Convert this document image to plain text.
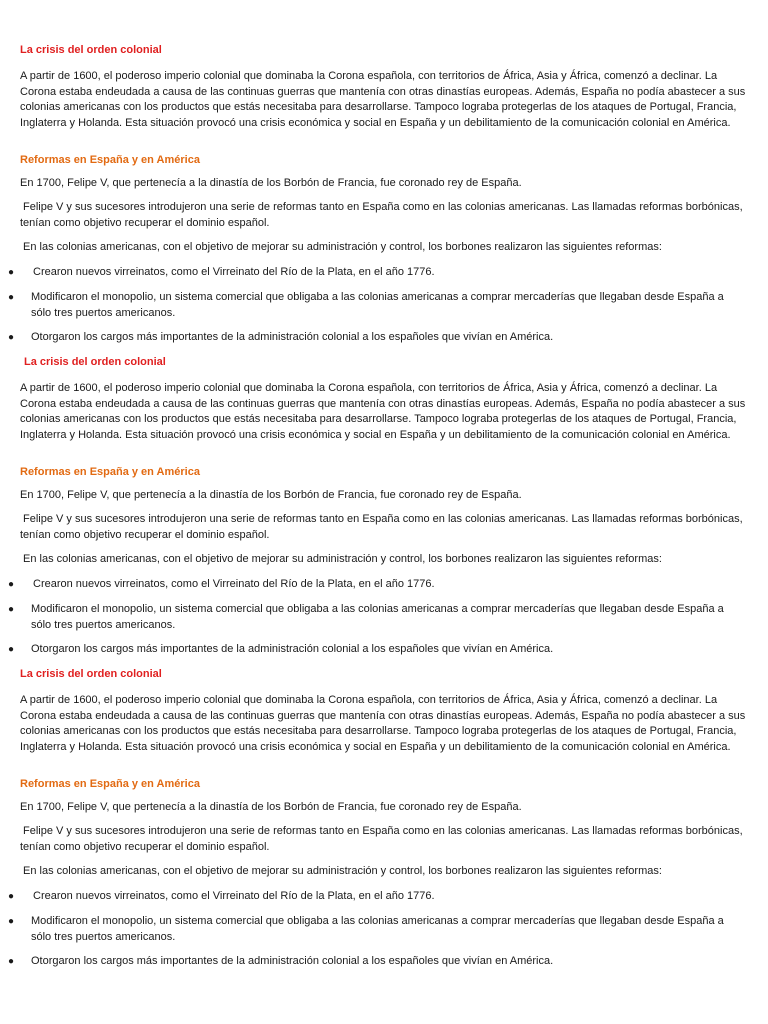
La crisis del orden colonial

A partir de 1600, el poderoso imperio colonial que dominaba la Corona española, con territorios de África, Asia y África, comenzó a declinar. La Corona estaba endeudada a causa de las continuas guerras que mantenía con otras dinastías europeas. Además, España no podía abastecer a sus colonias americanas con los productos que estás necesitaba para desarrollarse. Tampoco lograba protegerlas de los ataques de Portugal, Francia, Inglaterra y Holanda. Esta situación provocó una crisis económica y social en España y un debilitamiento de la comunicación colonial en América.

Reformas en España y en América

En 1700, Felipe V, que pertenecía a la dinastía de los Borbón de Francia, fue coronado rey de España.

Felipe V y sus sucesores introdujeron una serie de reformas tanto en España como en las colonias americanas. Las llamadas reformas borbónicas, tenían como objetivo recuperar el dominio español.

En las colonias americanas, con el objetivo de mejorar su administración y control, los borbones realizaron las siguientes reformas:

● Crearon nuevos virreinatos, como el Virreinato del Río de la Plata, en el año 1776.
● Modificaron el monopolio, un sistema comercial que obligaba a las colonias americanas a comprar mercaderías que llegaban desde España a sólo tres puertos americanos.
● Otorgaron los cargos más importantes de la administración colonial a los españoles que vivían en América.

La crisis del orden colonial

A partir de 1600, el poderoso imperio colonial que dominaba la Corona española, con territorios de África, Asia y África, comenzó a declinar. La Corona estaba endeudada a causa de las continuas guerras que mantenía con otras dinastías europeas. Además, España no podía abastecer a sus colonias americanas con los productos que estás necesitaba para desarrollarse. Tampoco lograba protegerlas de los ataques de Portugal, Francia, Inglaterra y Holanda. Esta situación provocó una crisis económica y social en España y un debilitamiento de la comunicación colonial en América.

Reformas en España y en América

En 1700, Felipe V, que pertenecía a la dinastía de los Borbón de Francia, fue coronado rey de España.

Felipe V y sus sucesores introdujeron una serie de reformas tanto en España como en las colonias americanas. Las llamadas reformas borbónicas, tenían como objetivo recuperar el dominio español.

En las colonias americanas, con el objetivo de mejorar su administración y control, los borbones realizaron las siguientes reformas:

● Crearon nuevos virreinatos, como el Virreinato del Río de la Plata, en el año 1776.
● Modificaron el monopolio, un sistema comercial que obligaba a las colonias americanas a comprar mercaderías que llegaban desde España a sólo tres puertos americanos.
● Otorgaron los cargos más importantes de la administración colonial a los españoles que vivían en América.

La crisis del orden colonial

A partir de 1600, el poderoso imperio colonial que dominaba la Corona española, con territorios de África, Asia y África, comenzó a declinar. La Corona estaba endeudada a causa de las continuas guerras que mantenía con otras dinastías europeas. Además, España no podía abastecer a sus colonias americanas con los productos que estás necesitaba para desarrollarse. Tampoco lograba protegerlas de los ataques de Portugal, Francia, Inglaterra y Holanda. Esta situación provocó una crisis económica y social en España y un debilitamiento de la comunicación colonial en América.

Reformas en España y en América

En 1700, Felipe V, que pertenecía a la dinastía de los Borbón de Francia, fue coronado rey de España.

Felipe V y sus sucesores introdujeron una serie de reformas tanto en España como en las colonias americanas. Las llamadas reformas borbónicas, tenían como objetivo recuperar el dominio español.

En las colonias americanas, con el objetivo de mejorar su administración y control, los borbones realizaron las siguientes reformas:

● Crearon nuevos virreinatos, como el Virreinato del Río de la Plata, en el año 1776.
● Modificaron el monopolio, un sistema comercial que obligaba a las colonias americanas a comprar mercaderías que llegaban desde España a sólo tres puertos americanos.
● Otorgaron los cargos más importantes de la administración colonial a los españoles que vivían en América.
